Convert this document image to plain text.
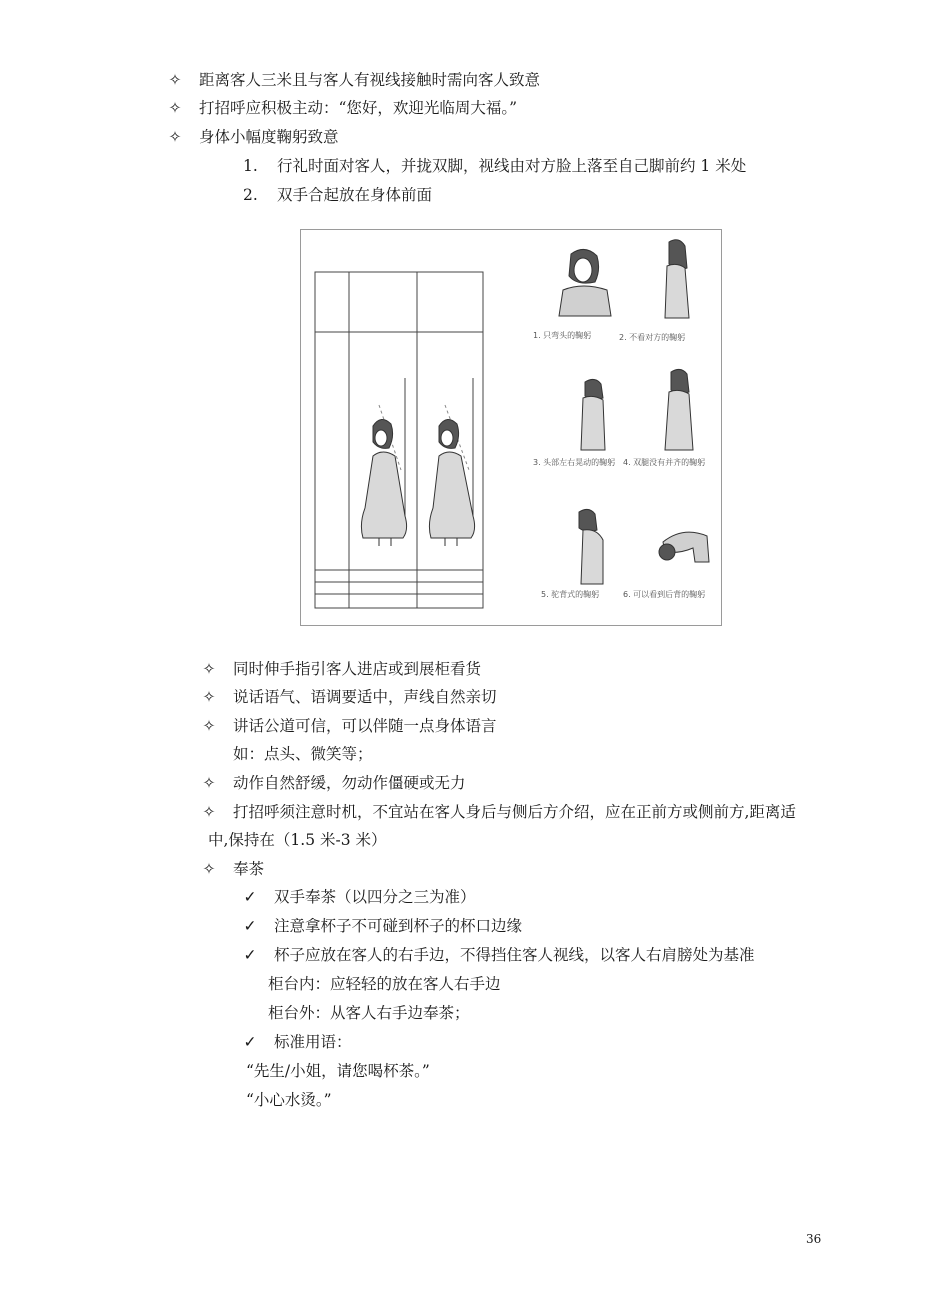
✧ 距离客人三米且与客人有视线接触时需向客人致意
✧ 打招呼应积极主动：“您好，欢迎光临周大福。”
✧ 身体小幅度鞠躬致意
1. 行礼时面对客人，并拢双脚，视线由对方脸上落至自己脚前约 1 米处
2. 双手合起放在身体前面
1. 只弯头的鞠躬	2. 不看对方的鞠躬
3. 头部左右晃动的鞠躬 4. 双腿没有并齐的鞠躬
5. 驼背式的鞠躬	6. 可以看到后背的鞠躬
✧ 同时伸手指引客人进店或到展柜看货
✧ 说话语气、语调要适中，声线自然亲切
✧ 讲话公道可信，可以伴随一点身体语言
如：点头、微笑等；
✧ 动作自然舒缓，勿动作僵硬或无力
✧ 打招呼须注意时机，不宜站在客人身后与侧后方介绍，应在正前方或侧前方,距离适
中,保持在（1.5 米-3 米）
✧ 奉茶
✓ 双手奉茶（以四分之三为准）
✓ 注意拿杯子不可碰到杯子的杯口边缘
✓ 杯子应放在客人的右手边，不得挡住客人视线，以客人右肩膀处为基准
柜台内：应轻轻的放在客人右手边
柜台外：从客人右手边奉茶；
✓ 标准用语：
“先生/小姐，请您喝杯茶。”
“小心水烫。”
36
